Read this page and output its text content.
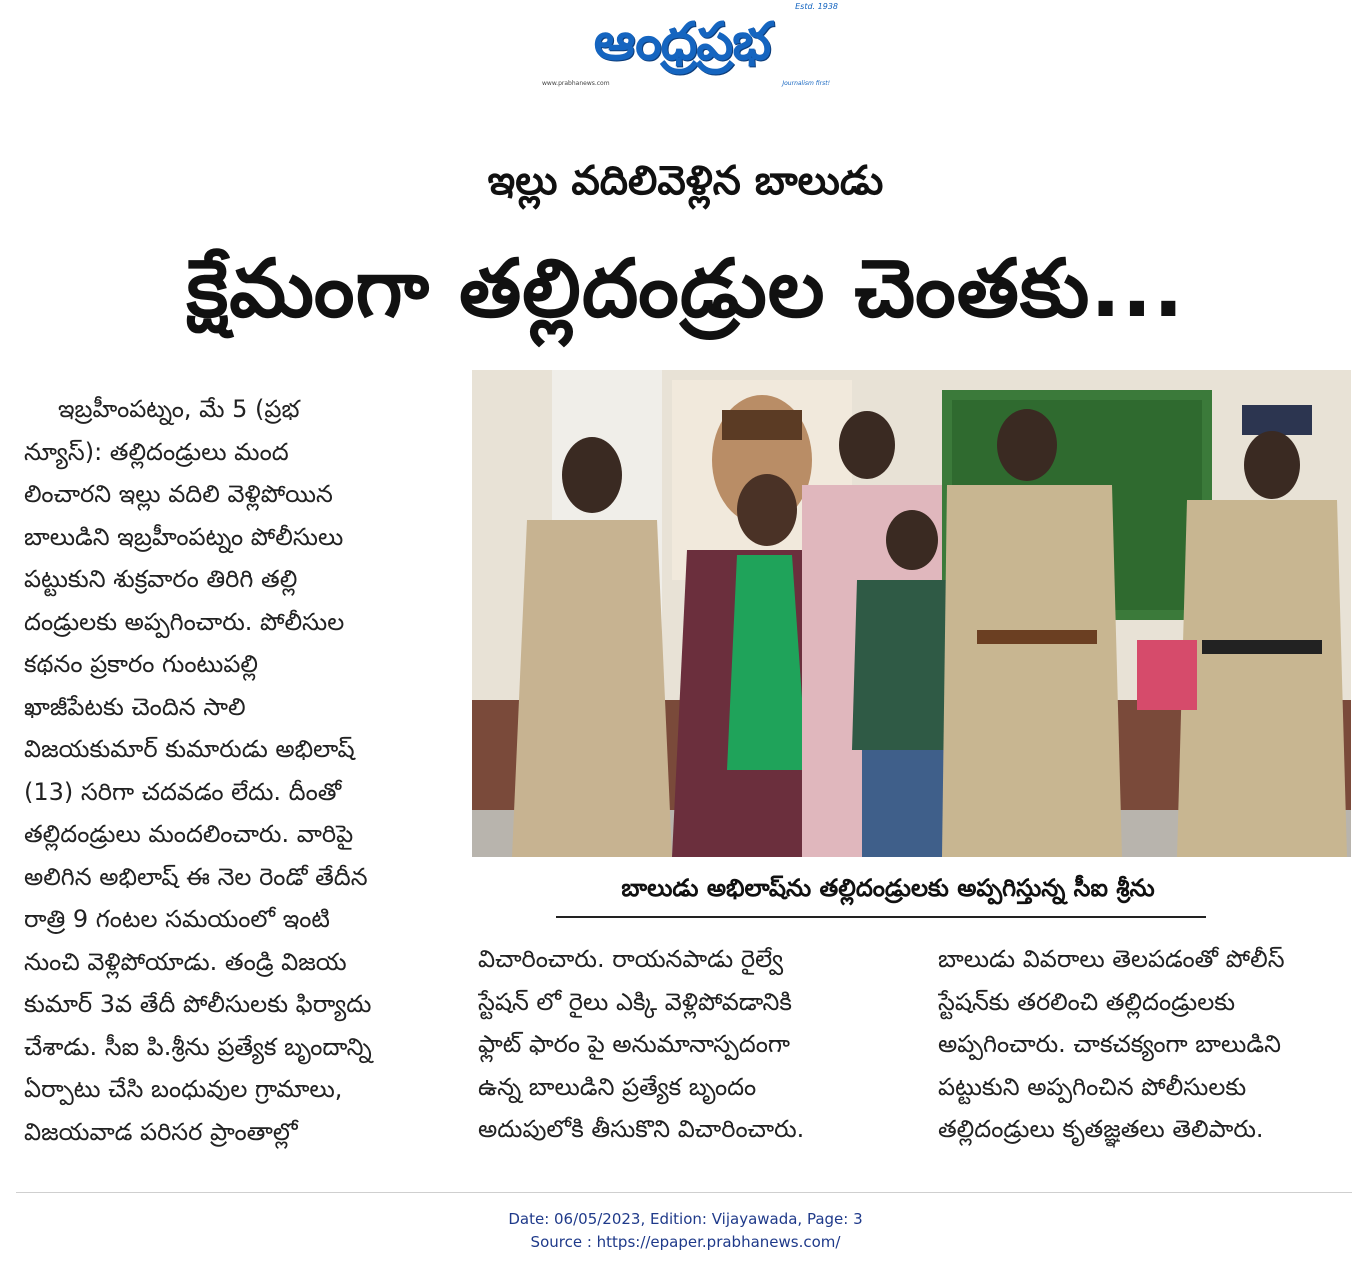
ఆంధ్రప్రభ
Estd. 1938
www.prabhanews.com	Journalism first!
ఇల్లు వదిలివెళ్లిన బాలుడు
క్షేమంగా తల్లిదండ్రుల చెంతకు...
ఇబ్రహీంపట్నం, మే 5 (ప్రభ
న్యూస్): తల్లిదండ్రులు మంద
లించారని ఇల్లు వదిలి వెళ్లిపోయిన
బాలుడిని ఇబ్రహీంపట్నం పోలీసులు
పట్టుకుని శుక్రవారం తిరిగి తల్లి
దండ్రులకు అప్పగించారు. పోలీసుల
కథనం ప్రకారం గుంటుపల్లి
ఖాజీపేటకు చెందిన సాలి
విజయకుమార్ కుమారుడు అభిలాష్
(13) సరిగా చదవడం లేదు. దీంతో
తల్లిదండ్రులు మందలించారు. వారిపై
అలిగిన అభిలాష్ ఈ నెల రెండో తేదీన
రాత్రి 9 గంటల సమయంలో ఇంటి
నుంచి వెళ్లిపోయాడు. తండ్రి విజయ
కుమార్ 3వ తేదీ పోలీసులకు ఫిర్యాదు
చేశాడు. సీఐ పి.శ్రీను ప్రత్యేక బృందాన్ని
ఏర్పాటు చేసి బంధువుల గ్రామాలు,
విజయవాడ పరిసర ప్రాంతాల్లో
బాలుడు అభిలాష్‌ను తల్లిదండ్రులకు అప్పగిస్తున్న సీఐ శ్రీను
విచారించారు. రాయనపాడు రైల్వే
స్టేషన్ లో రైలు ఎక్కి వెళ్లిపోవడానికి
ఫ్లాట్ ఫారం పై అనుమానాస్పదంగా
ఉన్న బాలుడిని ప్రత్యేక బృందం
అదుపులోకి తీసుకొని విచారించారు.
బాలుడు వివరాలు తెలపడంతో పోలీస్
స్టేషన్‌కు తరలించి తల్లిదండ్రులకు
అప్పగించారు. చాకచక్యంగా బాలుడిని
పట్టుకుని అప్పగించిన పోలీసులకు
తల్లిదండ్రులు కృతజ్ఞతలు తెలిపారు.
Date: 06/05/2023, Edition: Vijayawada, Page: 3
Source : https://epaper.prabhanews.com/
